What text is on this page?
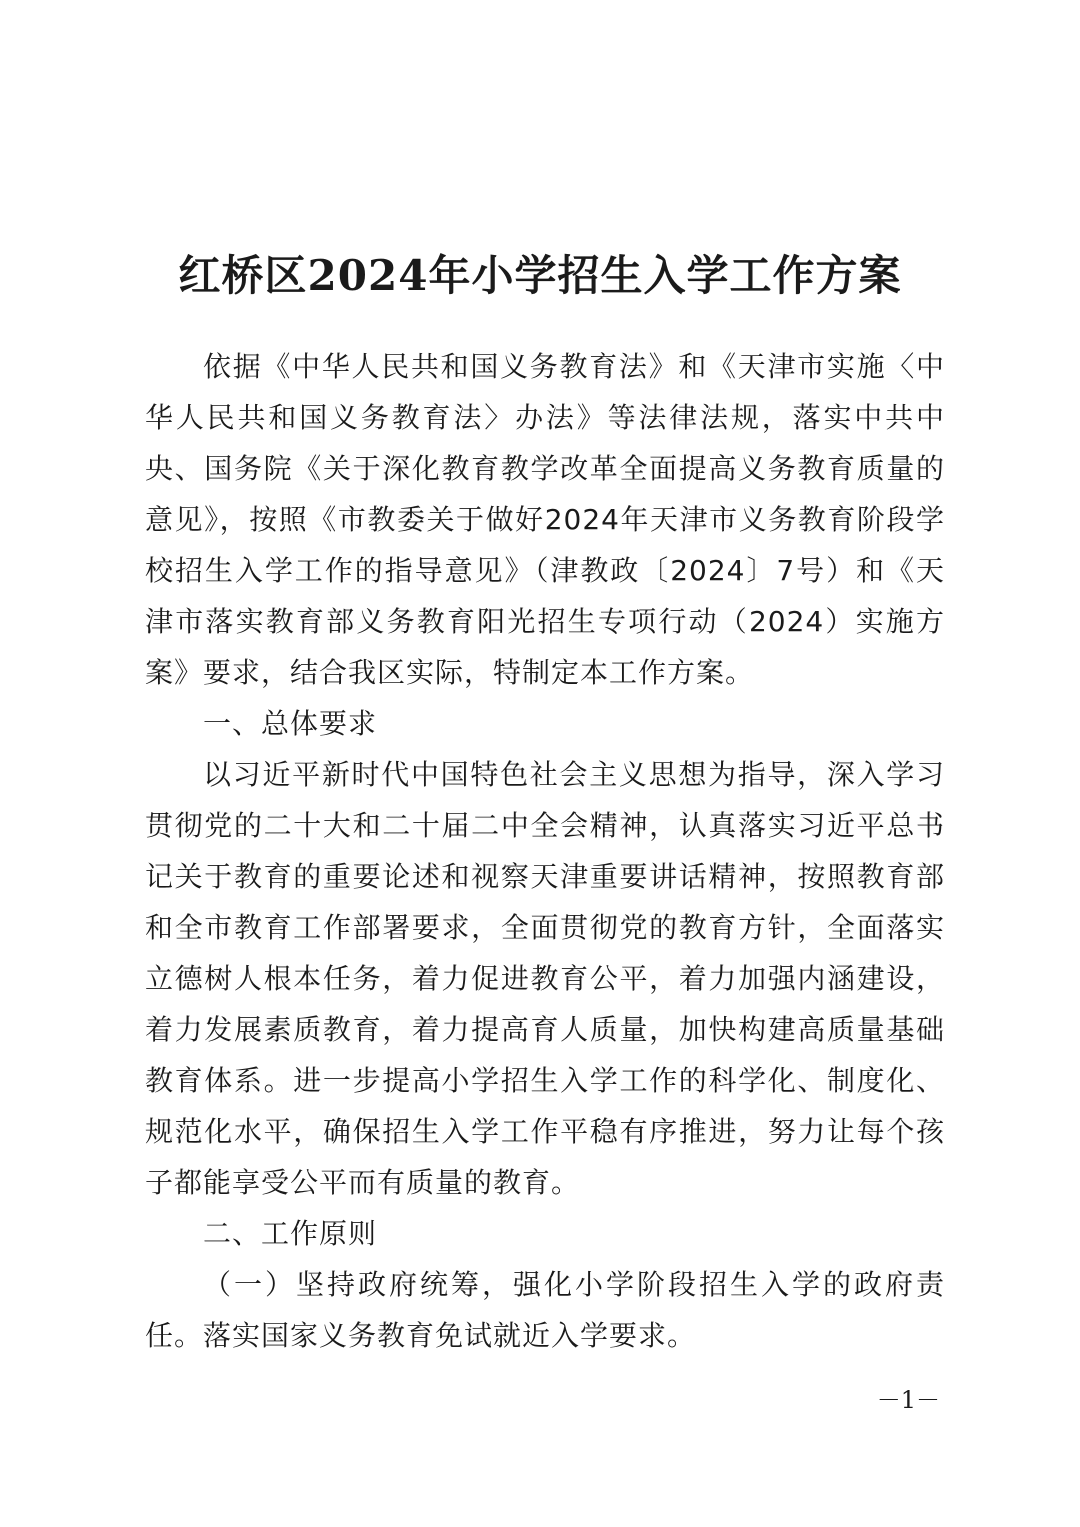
红桥区2024年小学招生入学工作方案

依据《中华人民共和国义务教育法》和《天津市实施〈中华人民共和国义务教育法〉办法》等法律法规，落实中共中央、国务院《关于深化教育教学改革全面提高义务教育质量的意见》，按照《市教委关于做好2024年天津市义务教育阶段学校招生入学工作的指导意见》（津教政〔2024〕7号）和《天津市落实教育部义务教育阳光招生专项行动（2024）实施方案》要求，结合我区实际，特制定本工作方案。

一、总体要求

以习近平新时代中国特色社会主义思想为指导，深入学习贯彻党的二十大和二十届二中全会精神，认真落实习近平总书记关于教育的重要论述和视察天津重要讲话精神，按照教育部和全市教育工作部署要求，全面贯彻党的教育方针，全面落实立德树人根本任务，着力促进教育公平，着力加强内涵建设，着力发展素质教育，着力提高育人质量，加快构建高质量基础教育体系。进一步提高小学招生入学工作的科学化、制度化、规范化水平，确保招生入学工作平稳有序推进，努力让每个孩子都能享受公平而有质量的教育。

二、工作原则

（一）坚持政府统筹，强化小学阶段招生入学的政府责任。落实国家义务教育免试就近入学要求。

－1－
